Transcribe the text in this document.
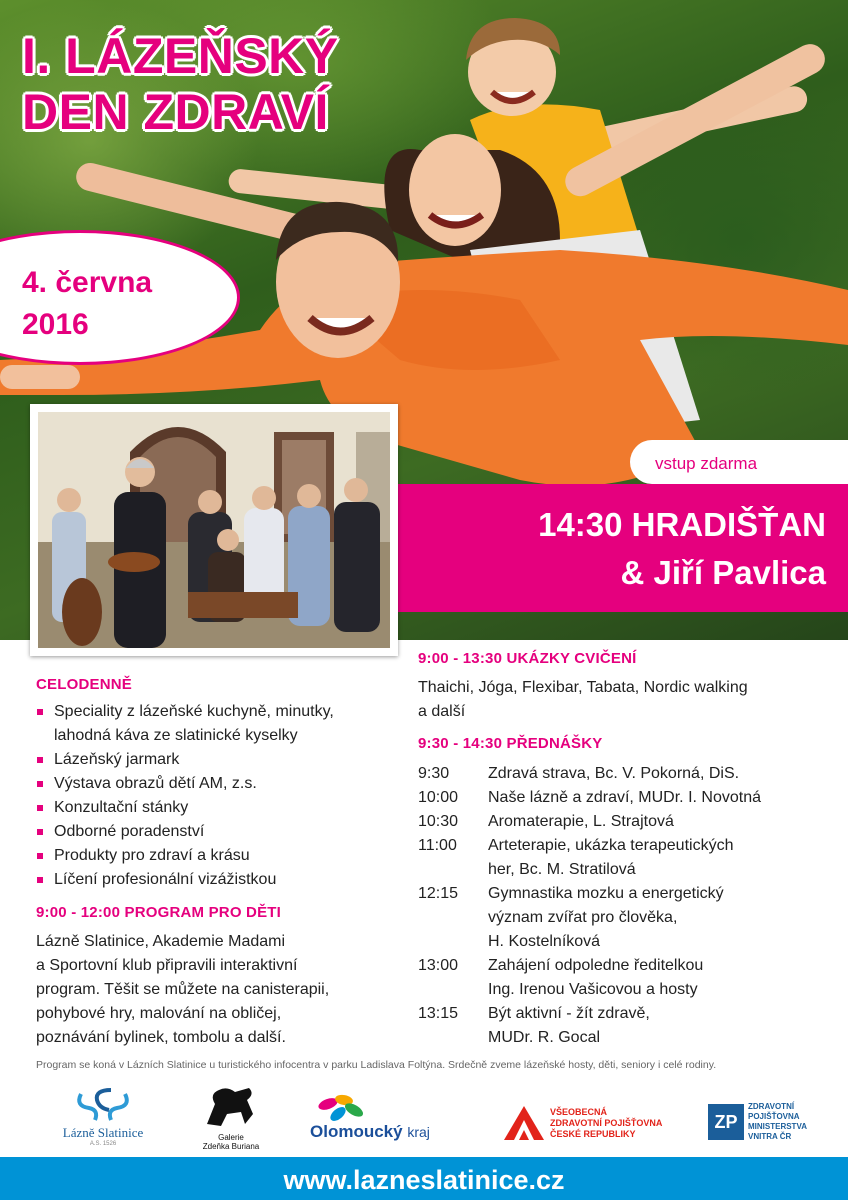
I. LÁZEŇSKÝ
DEN ZDRAVÍ
4. června
2016
vstup zdarma
14:30 HRADIŠŤAN
& Jiří Pavlica
CELODENNĚ
Speciality z lázeňské kuchyně, minutky,
lahodná káva ze slatinické kyselky
Lázeňský jarmark
Výstava obrazů dětí AM, z.s.
Konzultační stánky
Odborné poradenství
Produkty pro zdraví a krásu
Líčení profesionální vizážistkou
9:00 - 12:00 PROGRAM PRO DĚTI
Lázně Slatinice, Akademie Madami
a Sportovní klub připravili interaktivní
program. Těšit se můžete na canisterapii,
pohybové hry, malování na obličej,
poznávání bylinek, tombolu a další.
9:00 - 13:30 UKÁZKY CVIČENÍ
Thaichi, Jóga, Flexibar, Tabata, Nordic walking
a další
9:30 - 14:30 PŘEDNÁŠKY
9:30	Zdravá strava, Bc. V. Pokorná, DiS.
10:00	Naše lázně a zdraví, MUDr. I. Novotná
10:30	Aromaterapie, L. Strajtová
11:00	Arteterapie, ukázka terapeutických
her, Bc. M. Stratilová
12:15	Gymnastika mozku a energetický
význam zvířat pro člověka,
H. Kostelníková
13:00	Zahájení odpoledne ředitelkou
Ing. Irenou Vašicovou a hosty
13:15	Být aktivní - žít zdravě,
MUDr. R. Gocal
Program se koná v Lázních Slatinice u turistického infocentra v parku Ladislava Foltýna. Srdečně zveme lázeňské hosty, děti, seniory i celé rodiny.
Lázně Slatinice
A.S. 1526
Galerie
Zdeňka Buriana
Olomoucký kraj
VŠEOBECNÁ
ZDRAVOTNÍ POJIŠŤOVNA
ČESKÉ REPUBLIKY
ZP
ZDRAVOTNÍ
POJIŠŤOVNA
MINISTERSTVA
VNITRA ČR
www.lazneslatinice.cz
